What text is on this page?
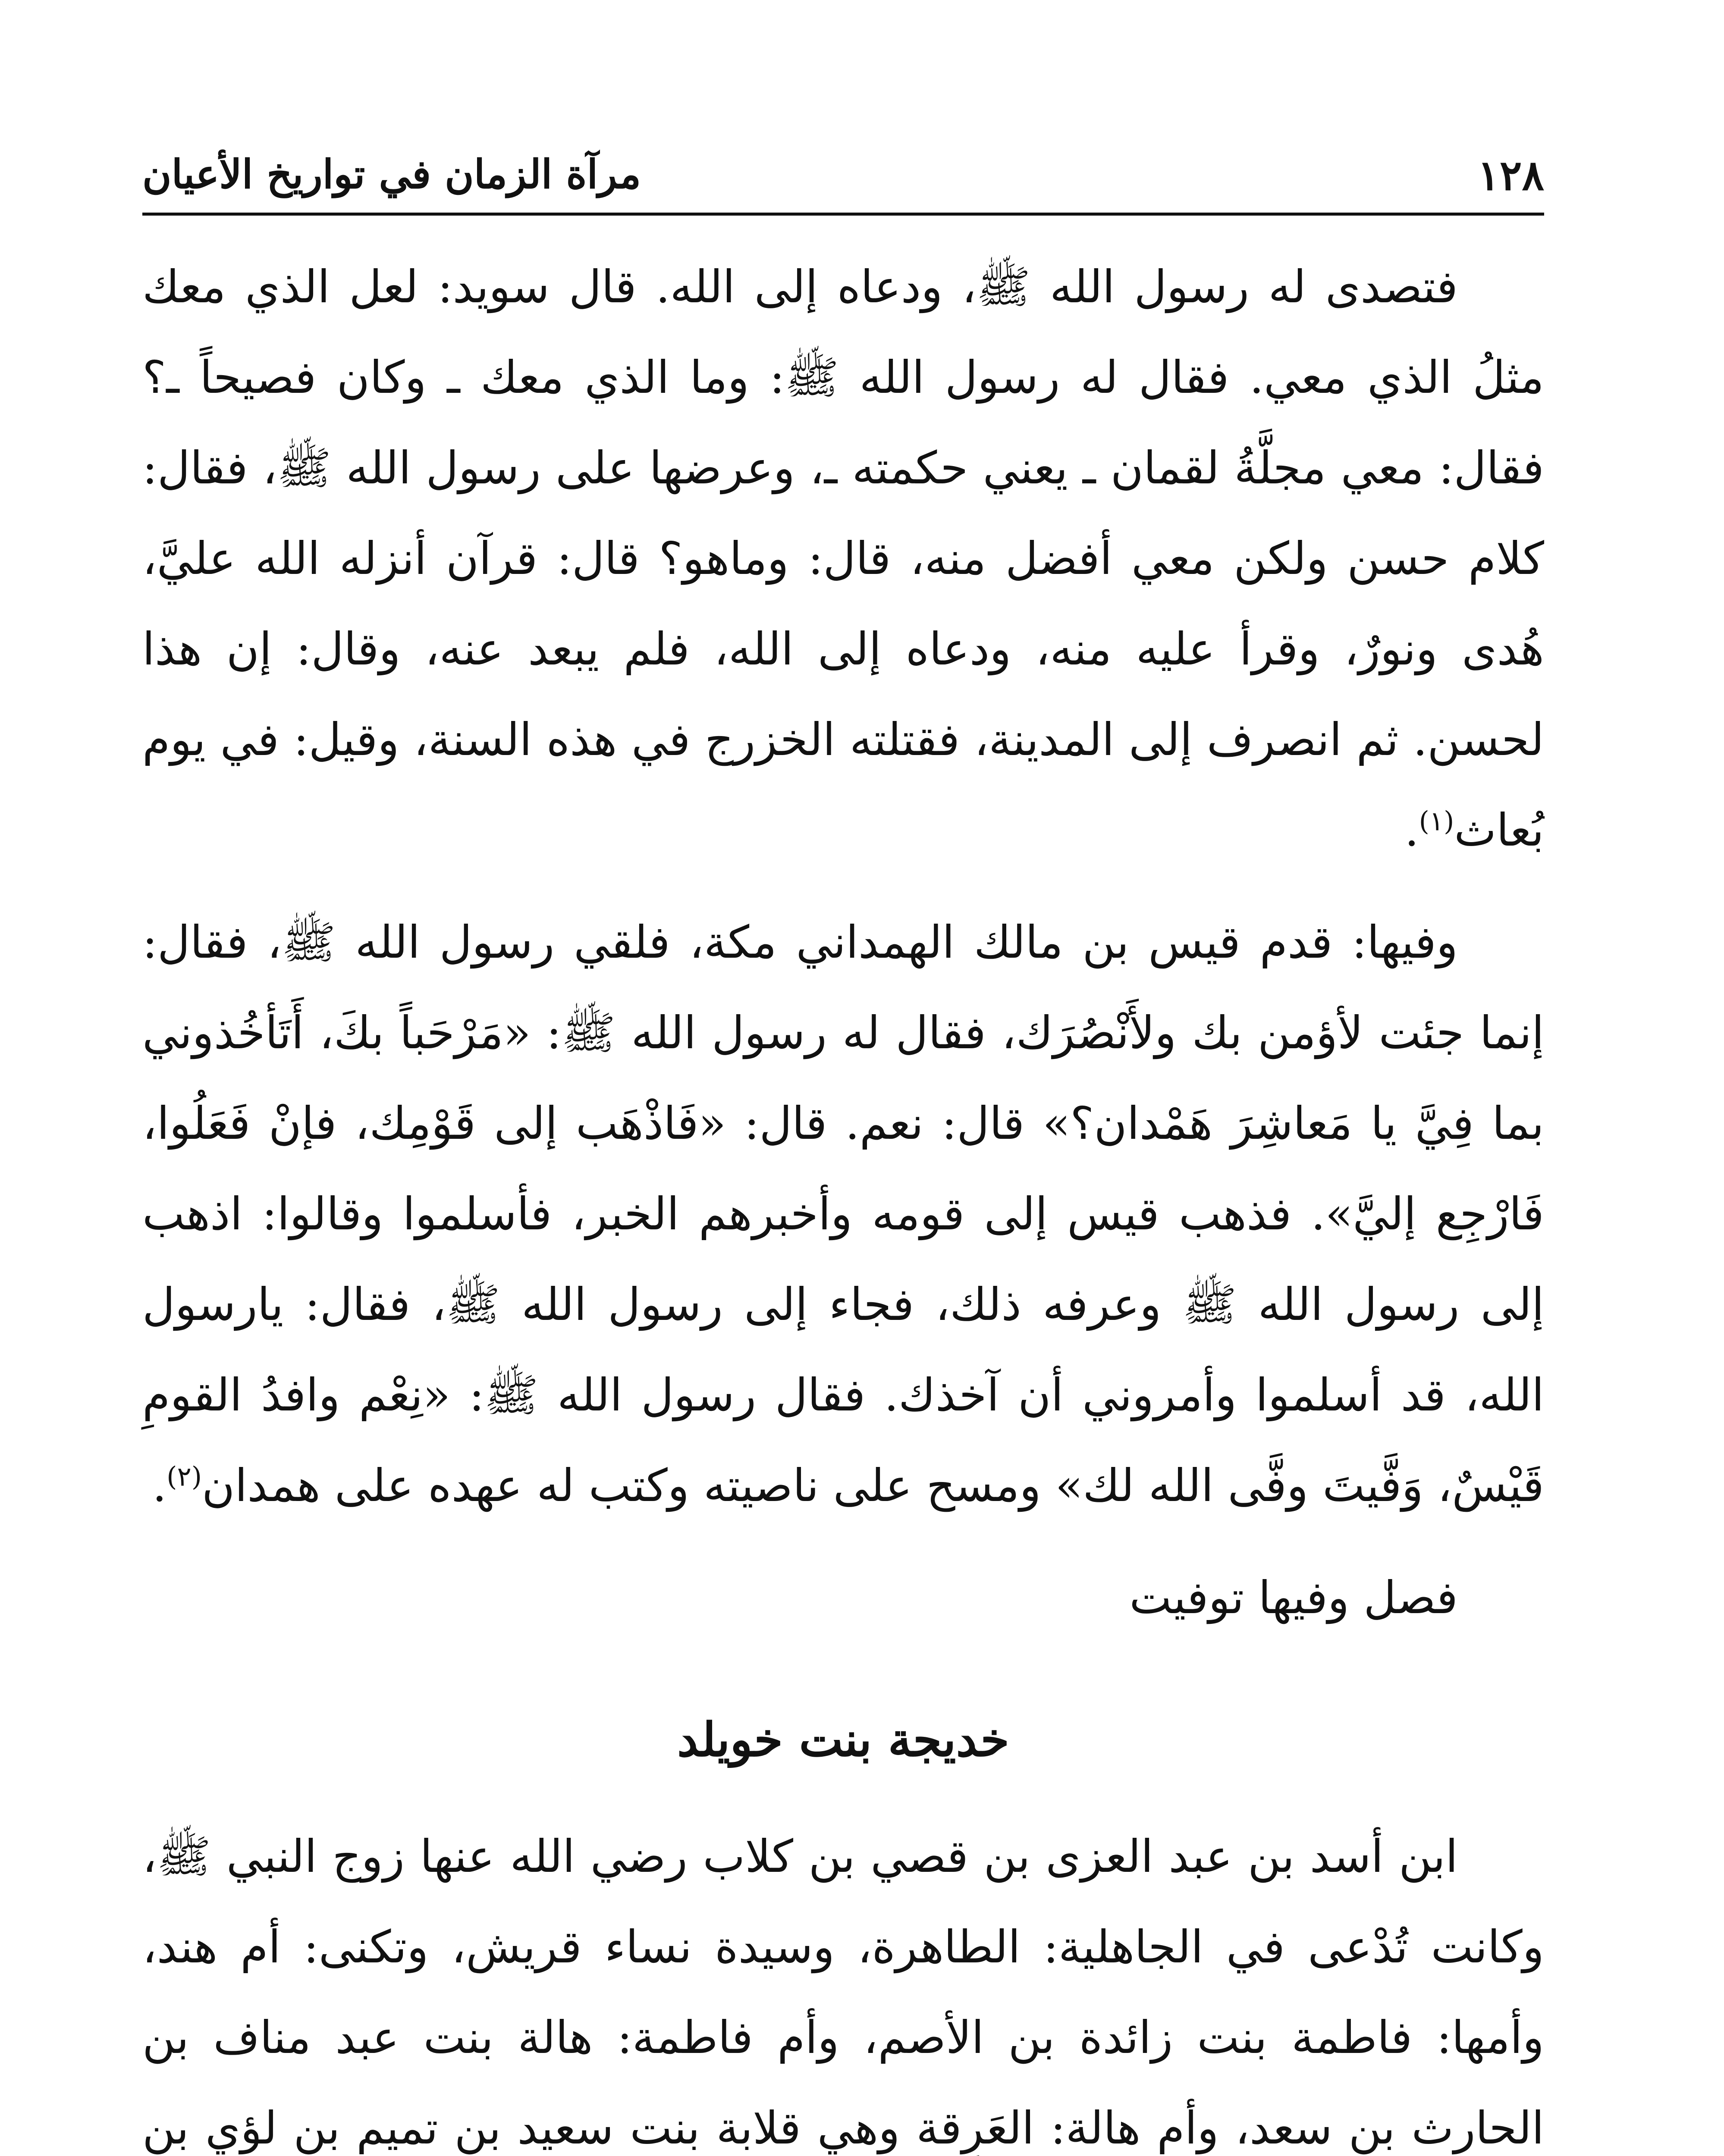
١٢٨
مرآة الزمان في تواريخ الأعيان

فتصدى له رسول الله ﷺ، ودعاه إلى الله. قال سويد: لعل الذي معك مثلُ الذي معي. فقال له رسول الله ﷺ: وما الذي معك ـ وكان فصيحاً ـ؟ فقال: معي مجلَّةُ لقمان ـ يعني حكمته ـ، وعرضها على رسول الله ﷺ، فقال: كلام حسن ولكن معي أفضل منه، قال: وماهو؟ قال: قرآن أنزله الله عليَّ، هُدى ونورٌ، وقرأ عليه منه، ودعاه إلى الله، فلم يبعد عنه، وقال: إن هذا لحسن. ثم انصرف إلى المدينة، فقتلته الخزرج في هذه السنة، وقيل: في يوم بُعاث$^{(١)}$.

وفيها: قدم قيس بن مالك الهمداني مكة، فلقي رسول الله ﷺ، فقال: إنما جئت لأؤمن بك ولأَنْصُرَك، فقال له رسول الله ﷺ: «مَرْحَباً بكَ، أَتَأخُذوني بما فِيَّ يا مَعاشِرَ هَمْدان؟» قال: نعم. قال: «فَاذْهَب إلى قَوْمِك، فإنْ فَعَلُوا، فَارْجِع إليَّ». فذهب قيس إلى قومه وأخبرهم الخبر، فأسلموا وقالوا: اذهب إلى رسول الله ﷺ وعرفه ذلك، فجاء إلى رسول الله ﷺ، فقال: يارسول الله، قد أسلموا وأمروني أن آخذك. فقال رسول الله ﷺ: «نِعْم وافدُ القومِ قَيْسٌ، وَفَّيتَ وفَّى الله لك» ومسح على ناصيته وكتب له عهده على همدان$^{(٢)}$.

فصل وفيها توفيت

خديجة بنت خويلد

ابن أسد بن عبد العزى بن قصي بن كلاب رضي الله عنها زوج النبي ﷺ، وكانت تُدْعى في الجاهلية: الطاهرة، وسيدة نساء قريش، وتكنى: أم هند، وأمها: فاطمة بنت زائدة بن الأصم، وأم فاطمة: هالة بنت عبد مناف بن الحارث بن سعد، وأم هالة: العَرِقة وهي قلابة بنت سعيد بن تميم بن لؤي بن
